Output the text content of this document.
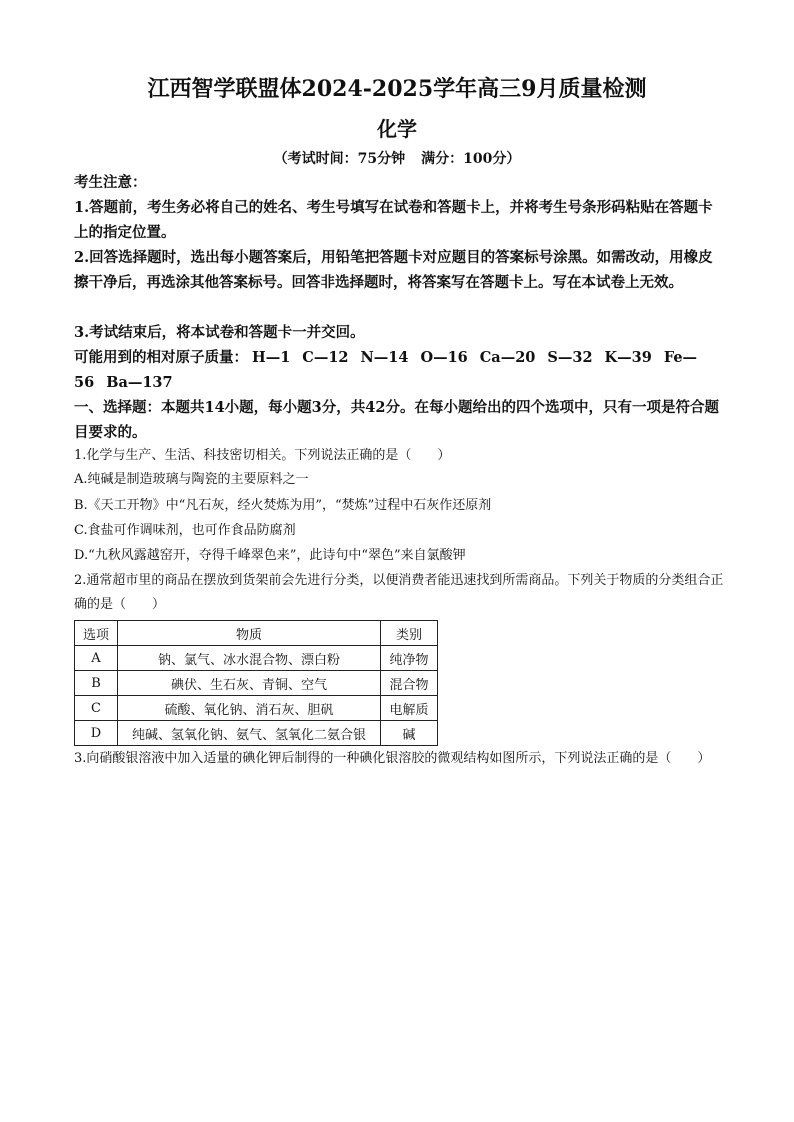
江西智学联盟体2024-2025学年高三9月质量检测
化学
（考试时间：75分钟 满分：100分）
考生注意：
1.答题前，考生务必将自己的姓名、考生号填写在试卷和答题卡上，并将考生号条形码粘贴在答题卡上的指定位置。
2.回答选择题时，选出每小题答案后，用铅笔把答题卡对应题目的答案标号涂黑。如需改动，用橡皮擦干净后，再选涂其他答案标号。回答非选择题时，将答案写在答题卡上。写在本试卷上无效。
3.考试结束后，将本试卷和答题卡一并交回。
可能用到的相对原子质量： H—1 C—12 N—14 O—16 Ca—20 S—32 K—39 Fe—56 Ba—137
一、选择题：本题共14小题，每小题3分，共42分。在每小题给出的四个选项中，只有一项是符合题目要求的。
1.化学与生产、生活、科技密切相关。下列说法正确的是（　　）
A.纯碱是制造玻璃与陶瓷的主要原料之一
B.《天工开物》中“凡石灰，经火焚炼为用”，“焚炼”过程中石灰作还原剂
C.食盐可作调味剂，也可作食品防腐剂
D.“九秋风露越窑开，夺得千峰翠色来”，此诗句中“翠色”来自氯酸钾
2.通常超市里的商品在摆放到货架前会先进行分类，以便消费者能迅速找到所需商品。下列关于物质的分类组合正确的是（　　）
选项	物质	类别
A	钠、氯气、冰水混合物、漂白粉	纯净物
B	碘伏、生石灰、青铜、空气	混合物
C	硫酸、氧化钠、消石灰、胆矾	电解质
D	纯碱、氢氧化钠、氨气、氢氧化二氨合银	碱
3.向硝酸银溶液中加入适量的碘化钾后制得的一种碘化银溶胶的微观结构如图所示，下列说法正确的是（　　）
